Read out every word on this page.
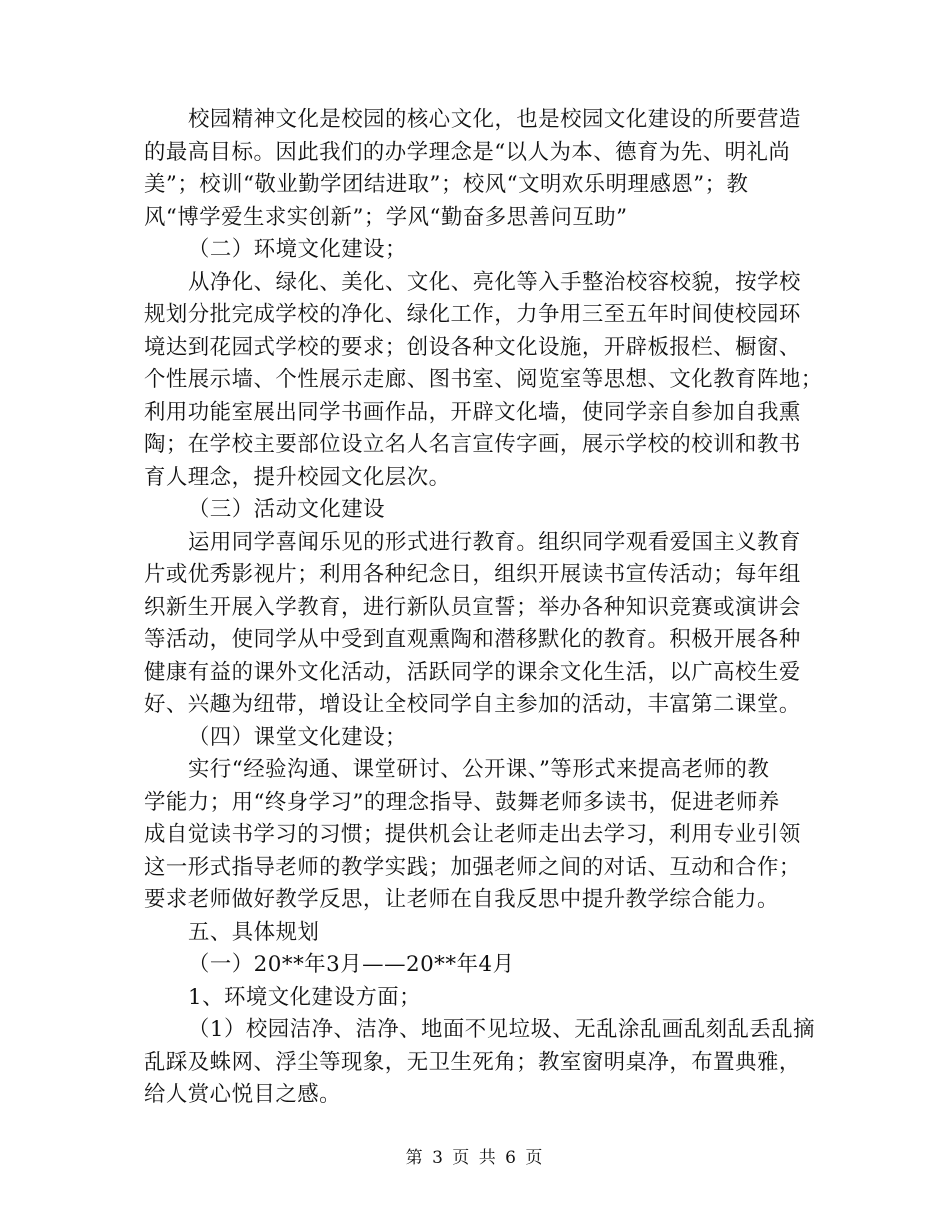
校园精神文化是校园的核心文化，也是校园文化建设的所要营造
的最高目标。因此我们的办学理念是“以人为本、德育为先、明礼尚
美”；校训“敬业勤学团结进取”；校风“文明欢乐明理感恩”；教
风“博学爱生求实创新”；学风“勤奋多思善问互助”
（二）环境文化建设；
从净化、绿化、美化、文化、亮化等入手整治校容校貌，按学校
规划分批完成学校的净化、绿化工作，力争用三至五年时间使校园环
境达到花园式学校的要求；创设各种文化设施，开辟板报栏、橱窗、
个性展示墙、个性展示走廊、图书室、阅览室等思想、文化教育阵地；
利用功能室展出同学书画作品，开辟文化墙，使同学亲自参加自我熏
陶；在学校主要部位设立名人名言宣传字画，展示学校的校训和教书
育人理念，提升校园文化层次。
（三）活动文化建设
运用同学喜闻乐见的形式进行教育。组织同学观看爱国主义教育
片或优秀影视片；利用各种纪念日，组织开展读书宣传活动；每年组
织新生开展入学教育，进行新队员宣誓；举办各种知识竞赛或演讲会
等活动，使同学从中受到直观熏陶和潜移默化的教育。积极开展各种
健康有益的课外文化活动，活跃同学的课余文化生活，以广高校生爱
好、兴趣为纽带，增设让全校同学自主参加的活动，丰富第二课堂。
（四）课堂文化建设；
实行“经验沟通、课堂研讨、公开课、”等形式来提高老师的教
学能力；用“终身学习”的理念指导、鼓舞老师多读书，促进老师养
成自觉读书学习的习惯；提供机会让老师走出去学习，利用专业引领
这一形式指导老师的教学实践；加强老师之间的对话、互动和合作；
要求老师做好教学反思，让老师在自我反思中提升教学综合能力。
五、具体规划
（一）20**年3月——20**年4月
1、环境文化建设方面；
（1）校园洁净、洁净、地面不见垃圾、无乱涂乱画乱刻乱丢乱摘
乱踩及蛛网、浮尘等现象，无卫生死角；教室窗明桌净，布置典雅，
给人赏心悦目之感。
第 3 页 共 6 页
